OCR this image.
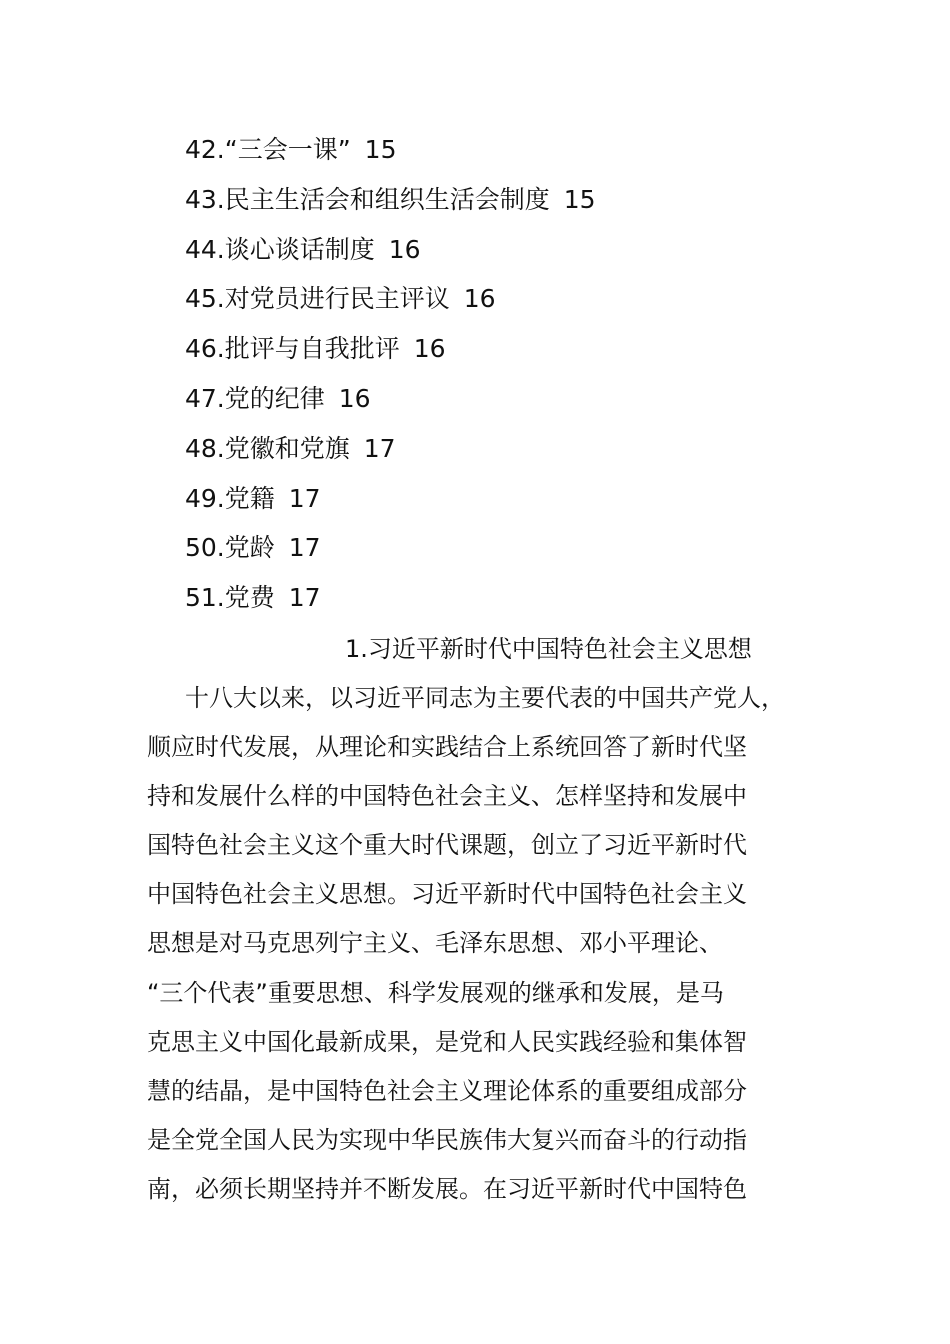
42.“三会一课” 15
43.民主生活会和组织生活会制度 15
44.谈心谈话制度 16
45.对党员进行民主评议 16
46.批评与自我批评 16
47.党的纪律 16
48.党徽和党旗 17
49.党籍 17
50.党龄 17
51.党费 17
1.习近平新时代中国特色社会主义思想
十八大以来，以习近平同志为主要代表的中国共产党人，
顺应时代发展，从理论和实践结合上系统回答了新时代坚
持和发展什么样的中国特色社会主义、怎样坚持和发展中
国特色社会主义这个重大时代课题，创立了习近平新时代
中国特色社会主义思想。习近平新时代中国特色社会主义
思想是对马克思列宁主义、毛泽东思想、邓小平理论、
“三个代表”重要思想、科学发展观的继承和发展，是马
克思主义中国化最新成果，是党和人民实践经验和集体智
慧的结晶，是中国特色社会主义理论体系的重要组成部分
是全党全国人民为实现中华民族伟大复兴而奋斗的行动指
南，必须长期坚持并不断发展。在习近平新时代中国特色
